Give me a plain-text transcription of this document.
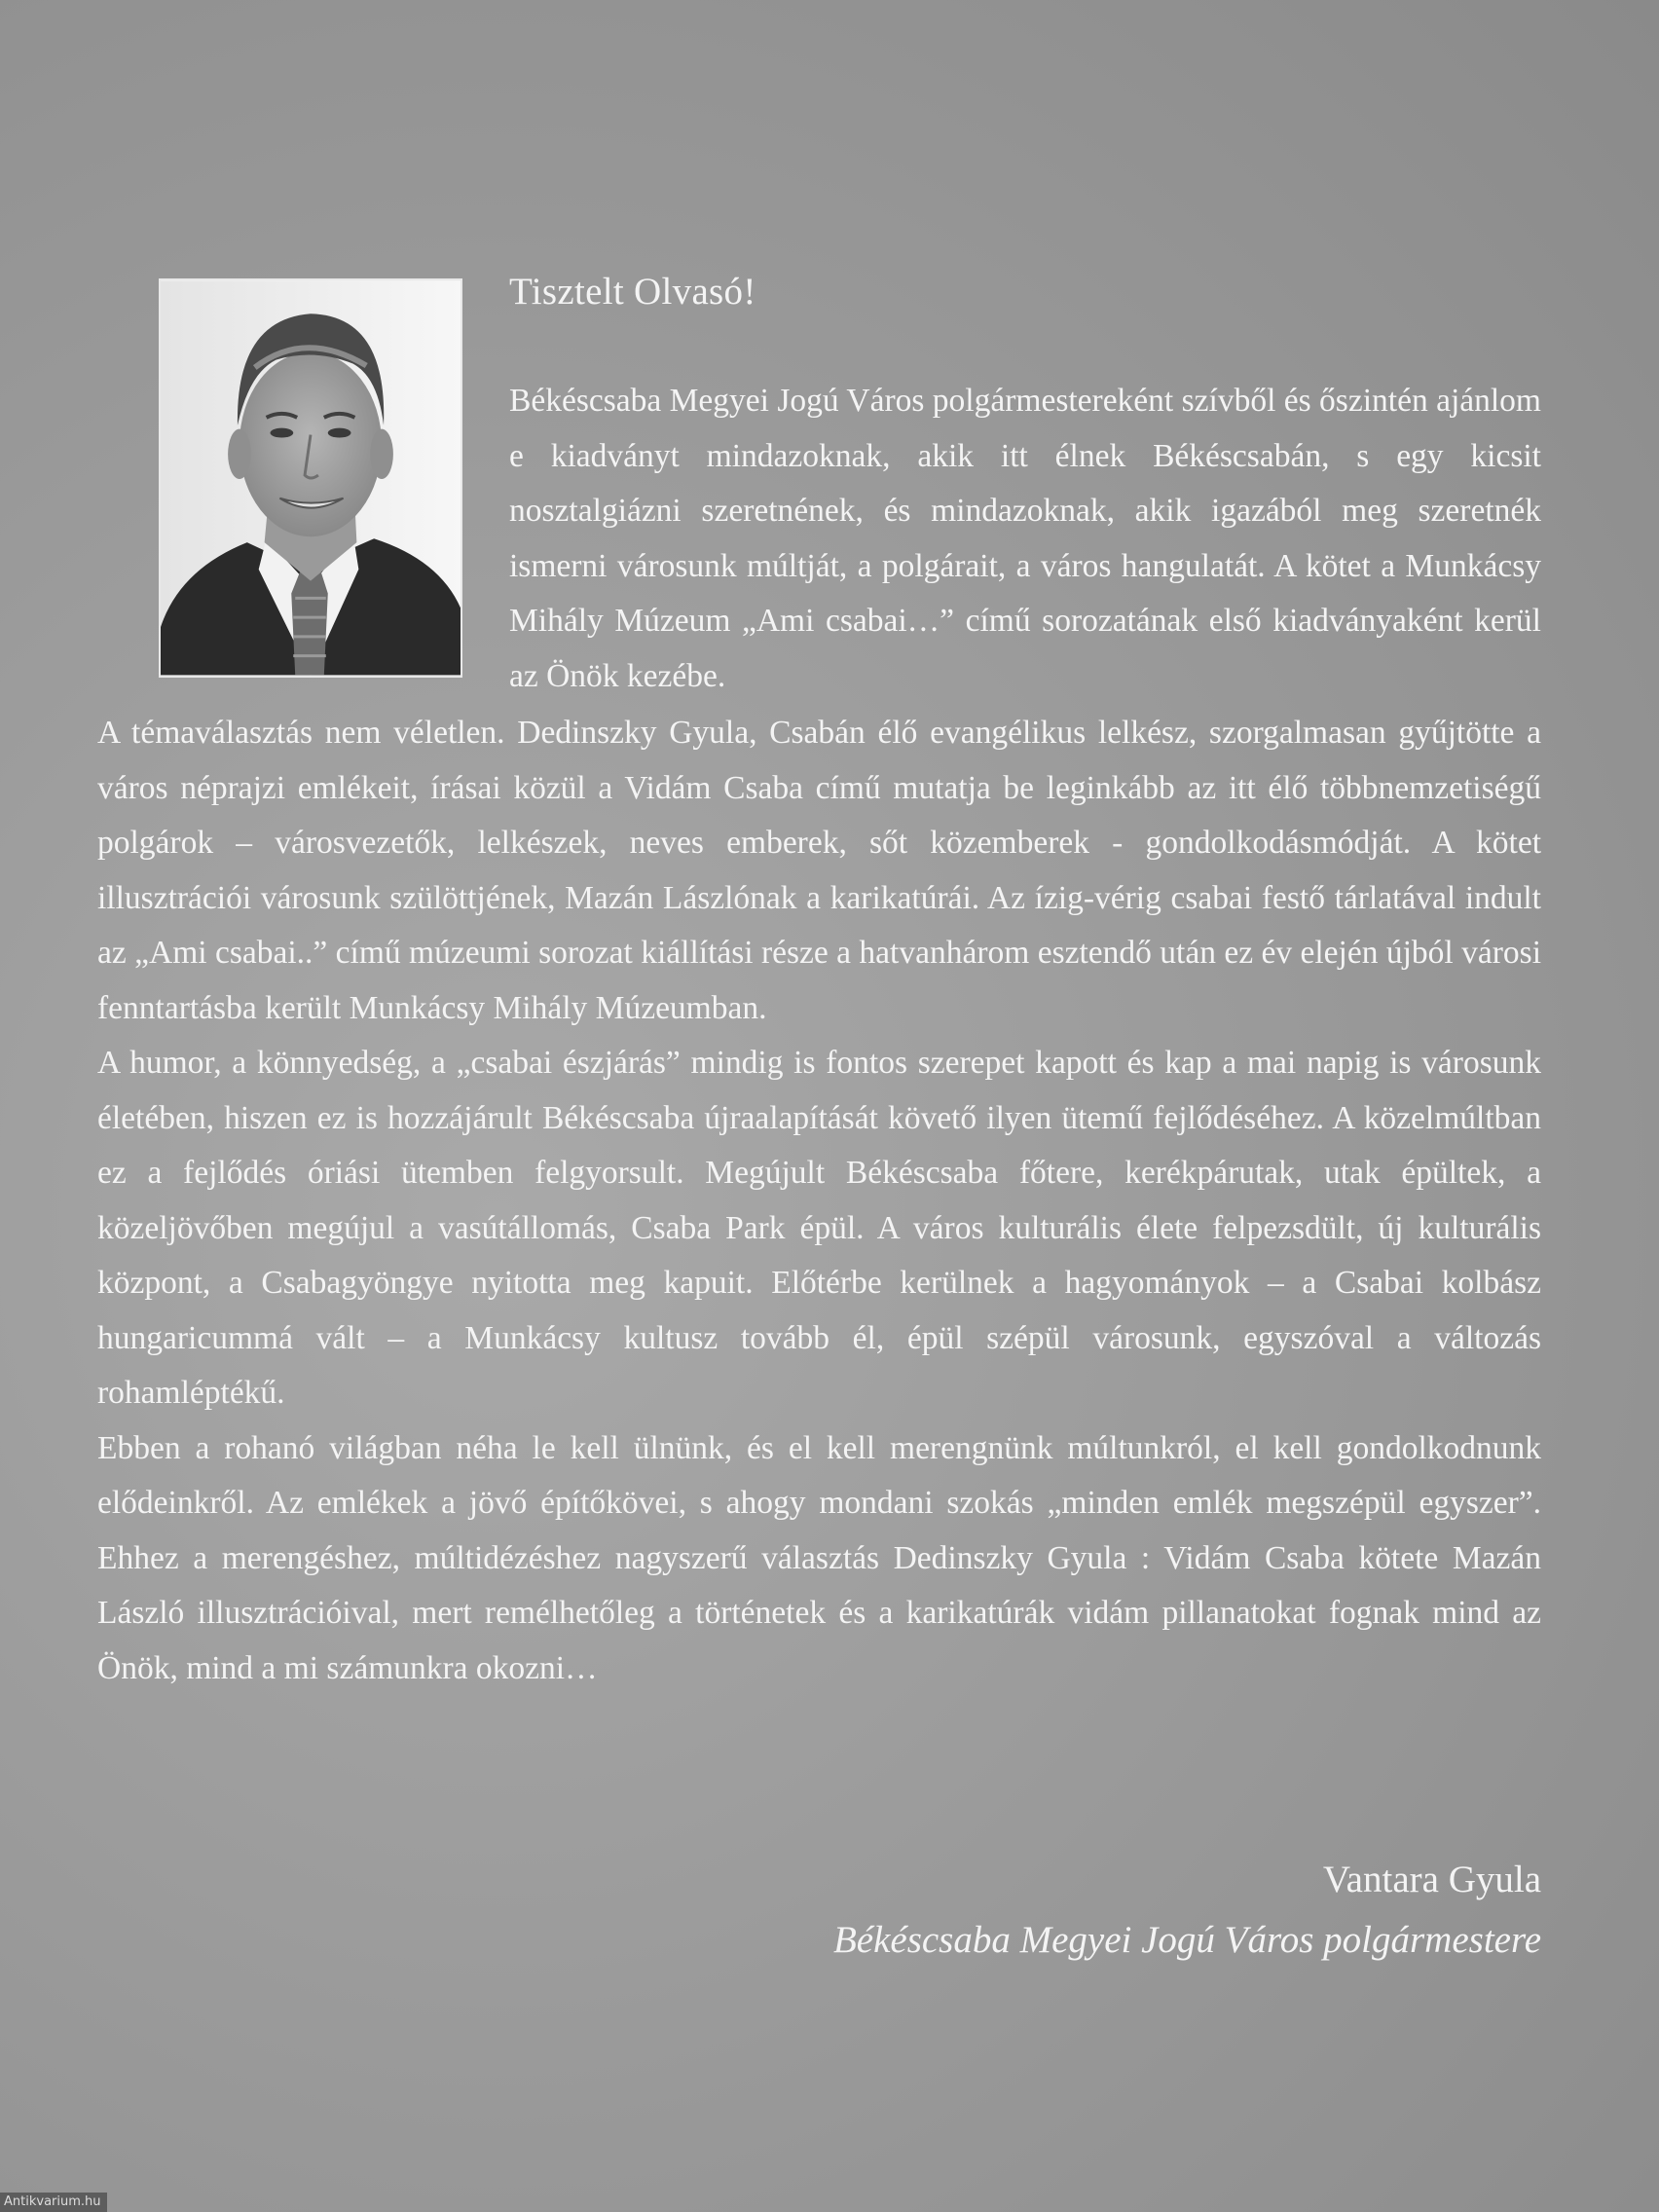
Tisztelt Olvasó!

Békéscsaba Megyei Jogú Város polgármestereként szívből és őszintén ajánlom e kiadványt mindazoknak, akik itt élnek Békéscsabán, s egy kicsit nosztalgiázni szeretnének, és mindazoknak, akik igazából meg szeretnék ismerni városunk múltját, a polgárait, a város hangulatát. A kötet a Munkácsy Mihály Múzeum „Ami csabai…” című sorozatának első kiadványaként kerül az Önök kezébe.

A témaválasztás nem véletlen. Dedinszky Gyula, Csabán élő evangélikus lelkész, szorgalmasan gyűjtötte a város néprajzi emlékeit, írásai közül a Vidám Csaba című mutatja be leginkább az itt élő többnemzetiségű polgárok – városvezetők, lelkészek, neves emberek, sőt közemberek - gondolkodásmódját. A kötet illusztrációi városunk szülöttjének, Mazán Lászlónak a karikatúrái. Az ízig-vérig csabai festő tárlatával indult az „Ami csabai..” című múzeumi sorozat kiállítási része a hatvanhárom esztendő után ez év elején újból városi fenntartásba került Munkácsy Mihály Múzeumban.

A humor, a könnyedség, a „csabai észjárás” mindig is fontos szerepet kapott és kap a mai napig is városunk életében, hiszen ez is hozzájárult Békéscsaba újraalapítását követő ilyen ütemű fejlődéséhez. A közelmúltban ez a fejlődés óriási ütemben felgyorsult. Megújult Békéscsaba főtere, kerékpárutak, utak épültek, a közeljövőben megújul a vasútállomás, Csaba Park épül. A város kulturális élete felpezsdült, új kulturális központ, a Csabagyöngye nyitotta meg kapuit. Előtérbe kerülnek a hagyományok – a Csabai kolbász hungaricummá vált – a Munkácsy kultusz tovább él, épül szépül városunk, egyszóval a változás rohamléptékű.

Ebben a rohanó világban néha le kell ülnünk, és el kell merengnünk múltunkról, el kell gondolkodnunk elődeinkről. Az emlékek a jövő építőkövei, s ahogy mondani szokás „minden emlék megszépül egyszer”. Ehhez a merengéshez, múltidézéshez nagyszerű választás Dedinszky Gyula : Vidám Csaba kötete Mazán László illusztrációival, mert remélhetőleg a történetek és a karikatúrák vidám pillanatokat fognak mind az Önök, mind a mi számunkra okozni…

Vantara Gyula
Békéscsaba Megyei Jogú Város polgármestere
Antikvarium.hu
